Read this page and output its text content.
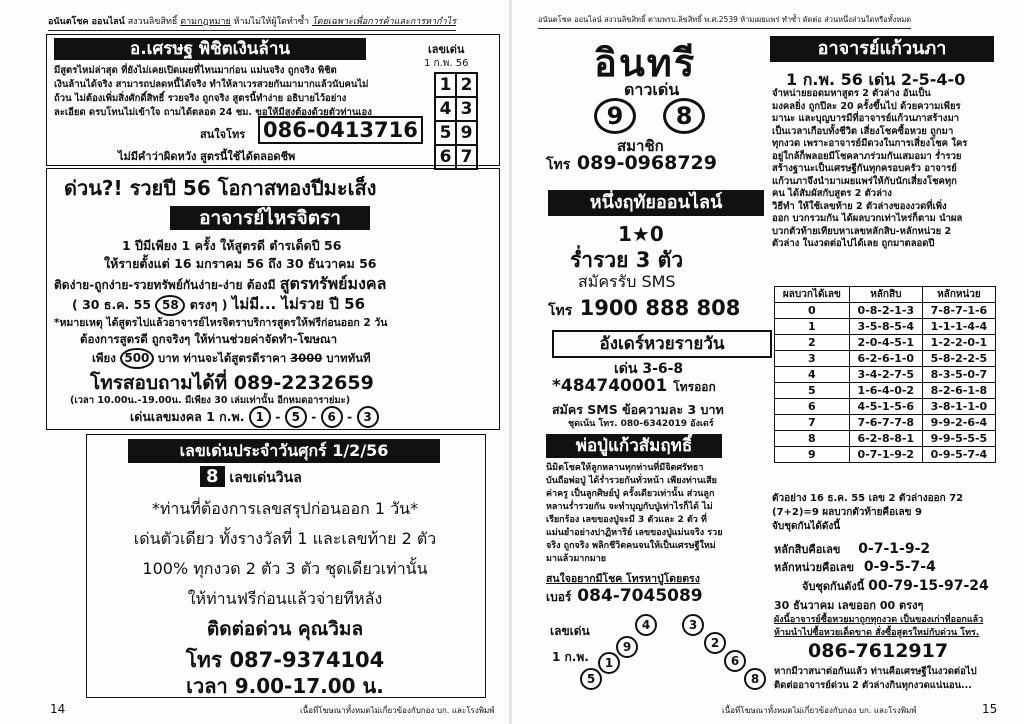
อนันตโชค ออนไลน์ สงวนลิขสิทธิ์ ตามกฎหมาย ห้ามไม่ให้ผู้ใดทำซ้ำ โดยเฉพาะเพื่อการค้าและการหากำไร
อ.เศรษฐ พิชิตเงินล้าน
มีสูตรไหม่ล่าสุด ที่ยังไม่เคยเปิดเผยที่ไหนมาก่อน แม่นจริง ถูกจริง พิชิต
เงินล้านได้จริง สามารถปลดหนี้ได้จริง ทำให้ลาเวรสวยกันมามากแล้วนับคนไม่
ถ้วน ไม่ต้องเพิ่มสิ่งศักดิ์สิทธิ์ รวยจริง ถูกจริง สูตรนี้ทำง่าย อธิบายไว้อย่าง
ละเอียด ดรบโทนไม่เข้าใจ ถามได้ตลอด 24 ชม. ขอให้มีสูงต้องด้วยตัวท่านเอง
สนใจโทร 086-0413716
ไม่มีคำว่าผิดหวัง สูตรนี้ใช้ได้ตลอดชีพ
เลขเด่น
1 ก.พ. 56
1	2
4	3
5	9
6	7
ด่วน?! รวยปี 56 โอกาสทองปีมะเส็ง
อาจารย์ไหรจิตรา
1 ปีมีเพียง 1 ครั้ง ให้สูตรดี ตำรเด็ดปี 56
ให้รายตั้งแต่ 16 มกราคม 56 ถึง 30 ธันวาคม 56
ติดง่าย-ถูกง่าย-รวยทรัพย์กันง่าย-ง่าย ต้องมี สูตรทรัพย์มงคล
( 30 ธ.ค. 55 58 ตรงๆ ) ไม่มี... ไม่รวย ปี 56
*หมายเหตุ ได้สูตรไปแล้วอาจารย์ไหรจิตราบริการสูตรให้ฟรีก่อนออก 2 วัน
ต้องการสูตรดี ถูกจริงๆ ให้ท่านช่วยค่าจัดทำ-โฆษณา
เพียง 500 บาท ท่านจะได้สูตรดีราคา 3000 บาททันที
โทรสอบถามได้ที่ 089-2232659
(เวลา 10.00น.-19.00น. มีเพียง 30 เล่มเท่านั้น อีกหมดอาราย่มะ)
เด่นเลขมงคล 1 ก.พ. 1 - 5 - 6 - 3
เลขเด่นประจำวันศุกร์ 1/2/56
8 เลขเด่นวินล
*ท่านที่ต้องการเลขสรุปก่อนออก 1 วัน*
เด่นตัวเดียว ทั้งรางวัลที่ 1 และเลขท้าย 2 ตัว
100% ทุกงวด 2 ตัว 3 ตัว ชุดเดียวเท่านั้น
ให้ท่านฟรีก่อนแล้วจ่ายทีหลัง
ติดต่อด่วน คุณวิมล
โทร 087-9374104
เวลา 9.00-17.00 น.
14	เนื้อที่โฆษณาทั้งหมดไม่เกี่ยวข้องกับกอง บก. และโรงพิมพ์
อนันตโชค ออนไลน์ สงวนลิขสิทธิ์ ตามพรบ.ลิขสิทธิ์ พ.ศ.2539 ห้ามเผยแพร่ ทำซ้ำ ดัดต่อ ส่วนหนึ่งส่วนใดหรือทั้งหมด
อินทรี
ดาวเด่น
9 8
สมาชิก
โทร 089-0968729
หนึ่งฤทัยออนไลน์
1★0
ร่ำรวย 3 ตัว
สมัครรับ SMS
โทร 1900 888 808
อังเดร์หวยรายวัน
เด่น 3-6-8
*484740001 โทรออก
สมัคร SMS ข้อความละ 3 บาท
ชุดเน้น โทร. 080-6342019 อังเดร์
พ่อปู่แก้วสัมฤทธิ์
นิมิตโชคให้ลูกหลานทุกท่านที่มีจิตศรัทธา
บันถือพ่อปู่ ได้ร่ำรวยกันทั่วหน้า เพียงท่านเสีย
ค่าครู เป็นลูกศิษย์ปู่ ครั้งเดียวเท่านั้น ส่วนลูก
หลานร่ำรวยกัน จะทำบุญกับปู่เท่าไรก็ได้ ไม่
เรียกร้อง เลขของปู่จะมี 3 ตัวและ 2 ตัว ที่
แม่นยำอย่างปาฏิหาริย์ เลขของปู่แม่นจริง รวย
จริง ถูกจริง พลิกชีวิตคนจนให้เป็นเศรษฐีใหม่
มาแล้วมากมาย
สนใจอยากมีโชค โทรหาปู่โดยตรง
เบอร์ 084-7045089
เลขเด่น
1 ก.พ.
4	3
9	2
1	6
5	8
อาจารย์แก้วนภา
1 ก.พ. 56 เด่น 2-5-4-0
จำหน่ายยอดมหาสูตร 2 ตัวล่าง อันเป็น
มงคลยิ่ง ถูกปีละ 20 ครั้งขึ้นไป ด้วยความเพียร
มานะ และบุญบารมีที่อาจารย์แก้วนภาสร้างมา
เป็นเวลาเกือบทั้งชีวิต เสี่ยงโชคซื้อหวย ถูกมา
ทุกงวด เพราะอาจารย์มีดวงในการเสี่ยงโชค ใคร
อยู่ใกล้ก็พลอยมีโชคลาภร่วมกันเสมอมา ร่ำรวย
สร้างฐานะเป็นเศรษฐีกันทุกครอบครัว อาจารย์
แก้วนภาจึงนำมาเผยแพร่ให้กับนักเสี่ยงโชคทุก
คน ได้สัมผัสกับสูตร 2 ตัวล่าง
วิธีทำ ให้ใช้เลขท้าย 2 ตัวล่างของงวดที่เพิ่ง
ออก บวกรวมกัน ได้ผลบวกเท่าไหร่ก็ตาม นำผล
บวกตัวท้ายเทียบหาเลขหลักสิบ-หลักหน่วย 2
ตัวล่าง ในงวดต่อไปได้เลย ถูกมาตลอดปี
ผลบวกได้เลข	หลักสิบ	หลักหน่วย
0	0-8-2-1-3	7-8-7-1-6
1	3-5-8-5-4	1-1-1-4-4
2	2-0-4-5-1	1-2-2-0-1
3	6-2-6-1-0	5-8-2-2-5
4	3-4-2-7-5	8-3-5-0-7
5	1-6-4-0-2	8-2-6-1-8
6	4-5-1-5-6	3-8-1-1-0
7	7-6-7-7-8	9-9-2-6-4
8	6-2-8-8-1	9-9-5-5-5
9	0-7-1-9-2	0-9-5-7-4
ตัวอย่าง 16 ธ.ค. 55 เลข 2 ตัวล่างออก 72
(7+2)=9 ผลบวกตัวท้ายคือเลข 9
จับชุดกันได้ดังนี้
หลักสิบคือเลข 0-7-1-9-2
หลักหน่วยคือเลข 0-9-5-7-4
จับชุดกันดังนี้ 00-79-15-97-24
30 ธันวาคม เลขออก 00 ตรงๆ
ผังนี้อาจารย์ซื้อหวยมาถูกทุกงวด เป็นของเก่าที่ออกแล้ว
ห้ามนำไปซื้อหวยเด็ดขาด สั่งซื้อสูตรใหม่กับด่วน โทร.
086-7612917
หากมีวาสนาต่อกันแล้ว ท่านคือเศรษฐีในงวดต่อไป
ติดต่ออาจารย์ด่วน 2 ตัวล่างกินทุกงวดแน่นอน...
15
เนื้อที่โฆษณาทั้งหมดไม่เกี่ยวข้องกับกอง บก. และโรงพิมพ์
